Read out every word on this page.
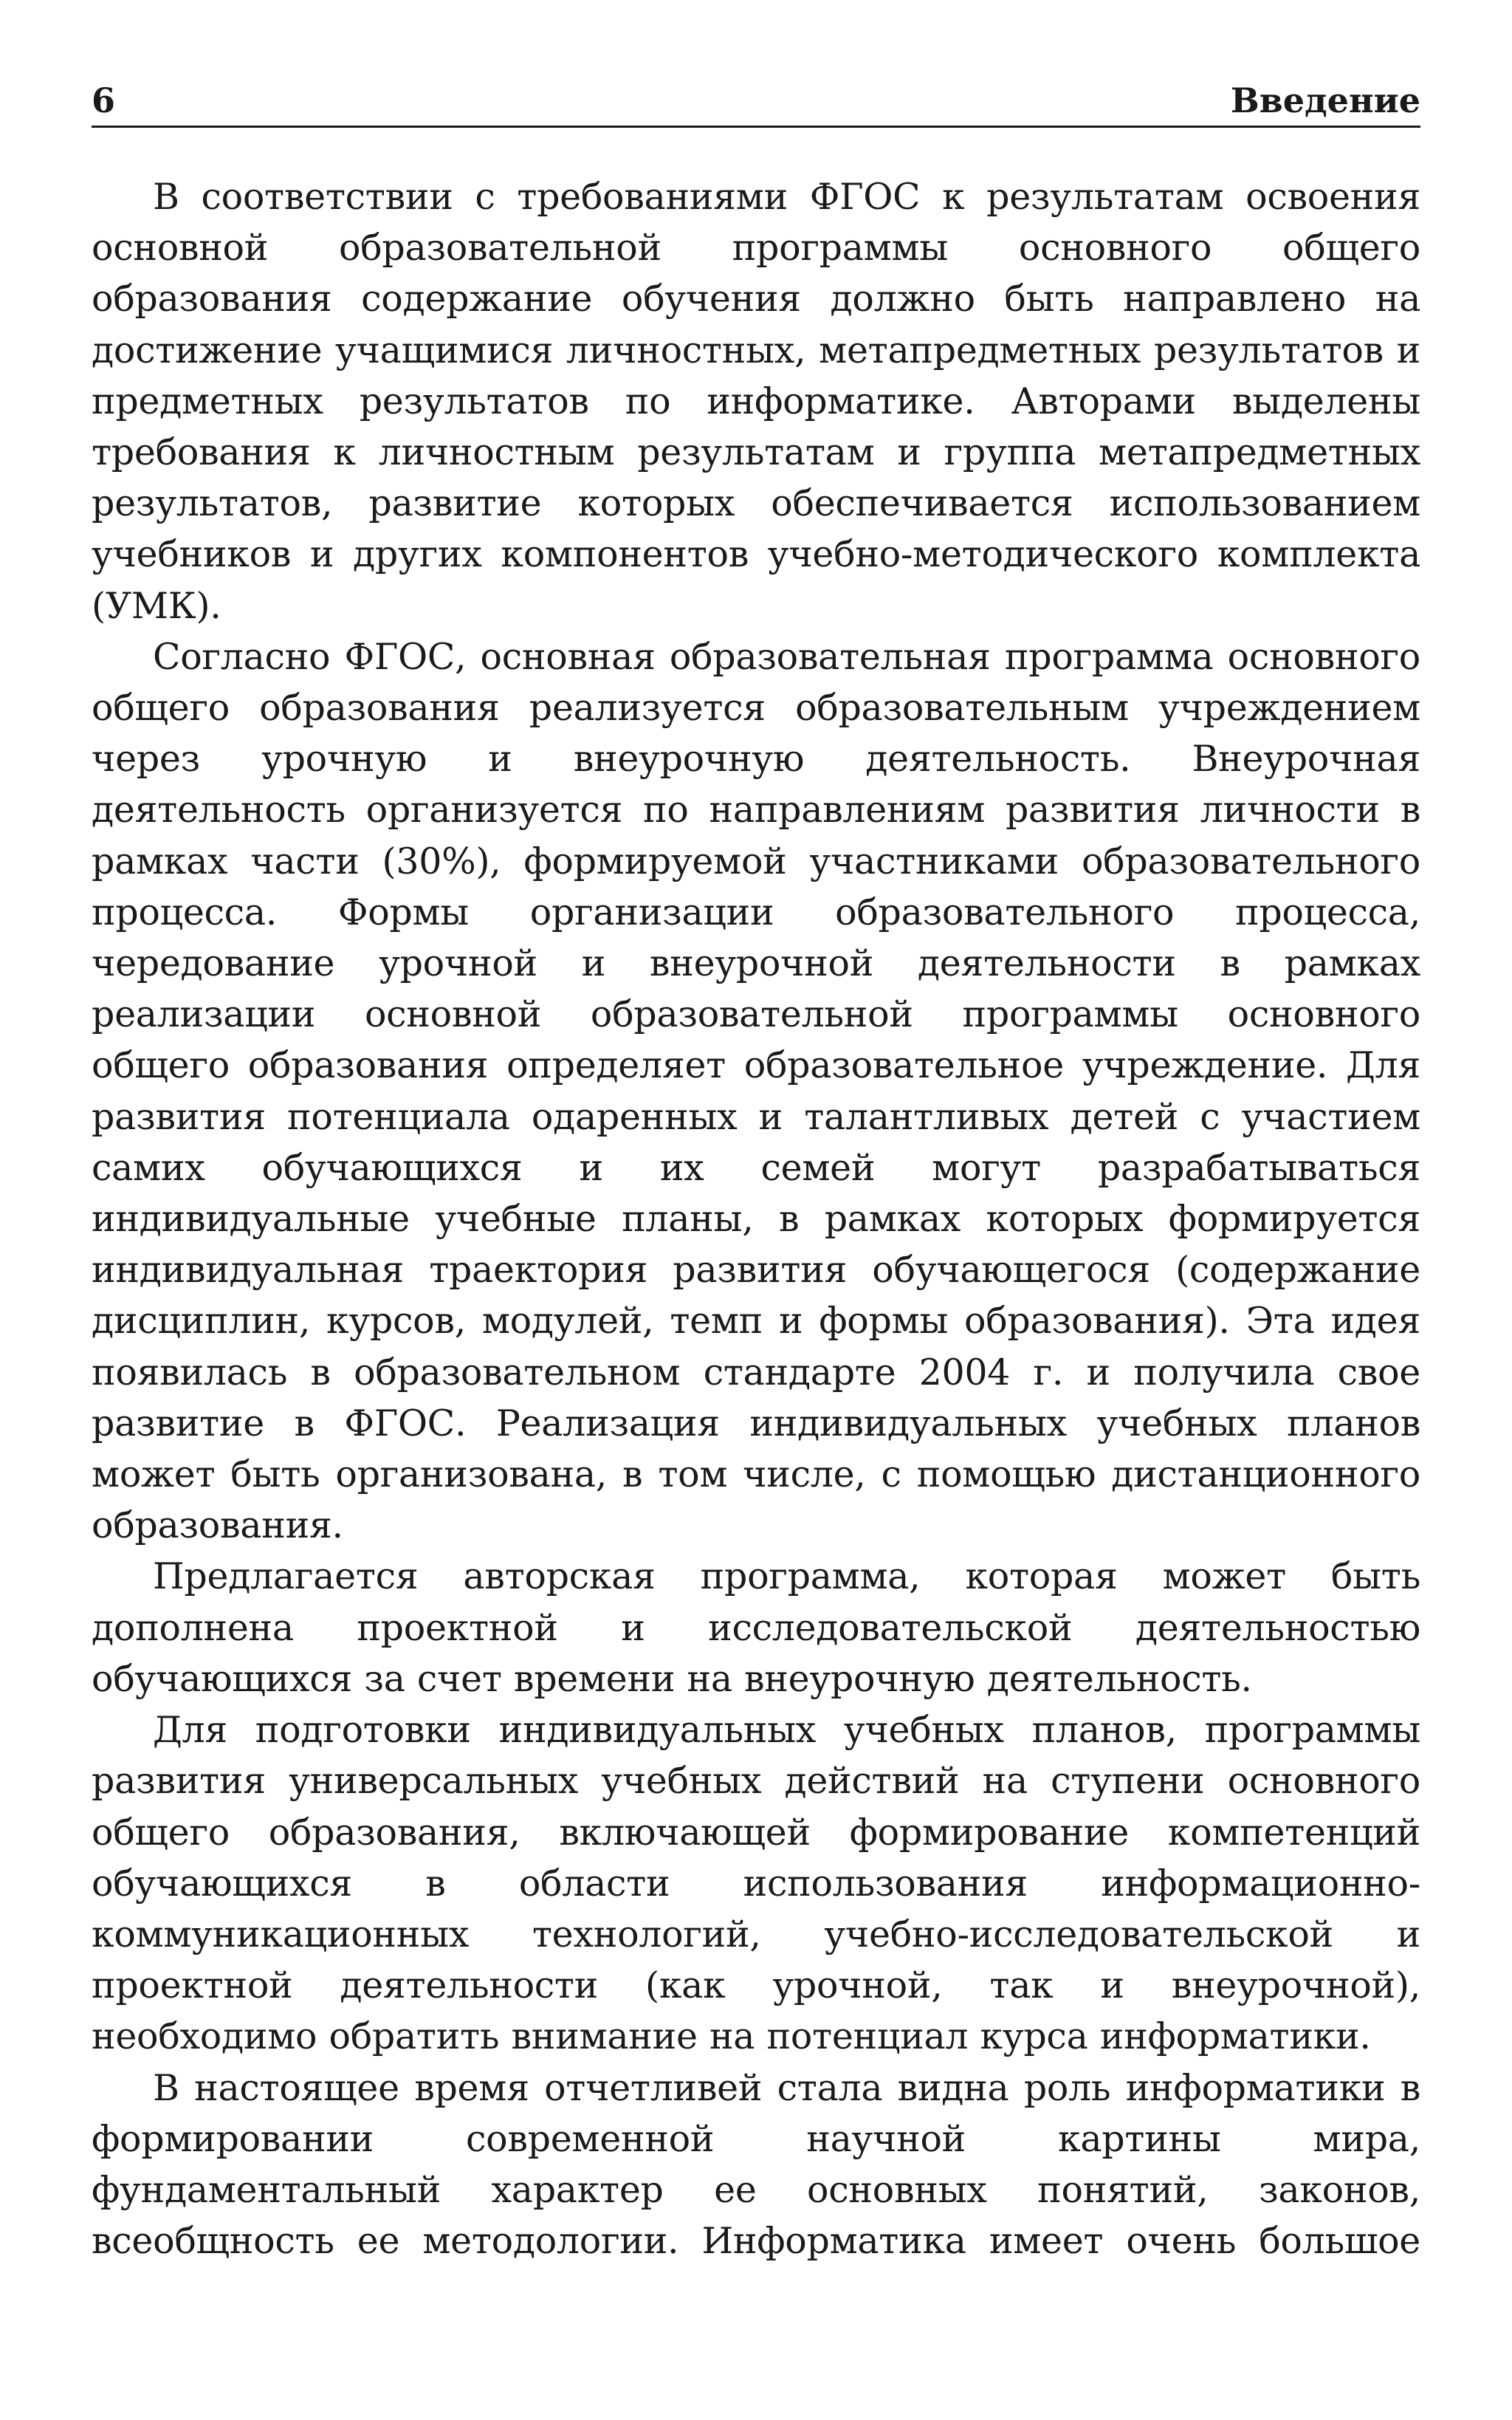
6	Введение

В соответствии с требованиями ФГОС к результатам освоения основной образовательной программы основного общего образования содержание обучения должно быть направлено на достижение учащимися личностных, метапредметных результатов и предметных результатов по информатике. Авторами выделены требования к личностным результатам и группа метапредметных результатов, развитие которых обеспечивается использованием учебников и других компонентов учебно-методического комплекта (УМК).

Согласно ФГОС, основная образовательная программа основного общего образования реализуется образовательным учреждением через урочную и внеурочную деятельность. Внеурочная деятельность организуется по направлениям развития личности в рамках части (30%), формируемой участниками образовательного процесса. Формы организации образовательного процесса, чередование урочной и внеурочной деятельности в рамках реализации основной образовательной программы основного общего образования определяет образовательное учреждение. Для развития потенциала одаренных и талантливых детей с участием самих обучающихся и их семей могут разрабатываться индивидуальные учебные планы, в рамках которых формируется индивидуальная траектория развития обучающегося (содержание дисциплин, курсов, модулей, темп и формы образования). Эта идея появилась в образовательном стандарте 2004 г. и получила свое развитие в ФГОС. Реализация индивидуальных учебных планов может быть организована, в том числе, с помощью дистанционного образования.

Предлагается авторская программа, которая может быть дополнена проектной и исследовательской деятельностью обучающихся за счет времени на внеурочную деятельность.

Для подготовки индивидуальных учебных планов, программы развития универсальных учебных действий на ступени основного общего образования, включающей формирование компетенций обучающихся в области использования информационно-коммуникационных технологий, учебно-исследовательской и проектной деятельности (как урочной, так и внеурочной), необходимо обратить внимание на потенциал курса информатики.

В настоящее время отчетливей стала видна роль информатики в формировании современной научной картины мира, фундаментальный характер ее основных понятий, законов, всеобщность ее методологии. Информатика имеет очень большое
